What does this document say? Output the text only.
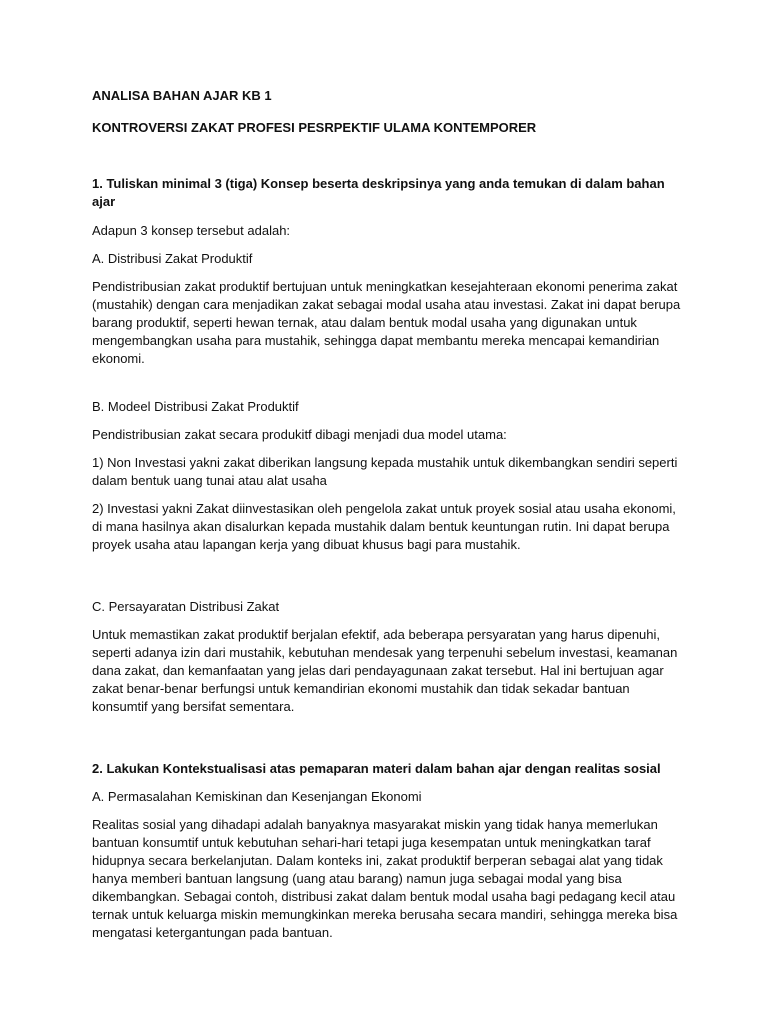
ANALISA BAHAN AJAR KB 1

KONTROVERSI ZAKAT PROFESI PESRPEKTIF ULAMA KONTEMPORER

1. Tuliskan minimal 3 (tiga) Konsep beserta deskripsinya yang anda temukan di dalam bahan ajar

Adapun 3 konsep tersebut adalah:

A. Distribusi Zakat Produktif

Pendistribusian zakat produktif bertujuan untuk meningkatkan kesejahteraan ekonomi penerima zakat (mustahik) dengan cara menjadikan zakat sebagai modal usaha atau investasi. Zakat ini dapat berupa barang produktif, seperti hewan ternak, atau dalam bentuk modal usaha yang digunakan untuk mengembangkan usaha para mustahik, sehingga dapat membantu mereka mencapai kemandirian ekonomi.

B. Modeel Distribusi Zakat Produktif

Pendistribusian zakat secara produkitf dibagi menjadi dua model utama:

1) Non Investasi yakni zakat diberikan langsung kepada mustahik untuk dikembangkan sendiri seperti dalam bentuk uang tunai atau alat usaha

2) Investasi yakni Zakat diinvestasikan oleh pengelola zakat untuk proyek sosial atau usaha ekonomi, di mana hasilnya akan disalurkan kepada mustahik dalam bentuk keuntungan rutin. Ini dapat berupa proyek usaha atau lapangan kerja yang dibuat khusus bagi para mustahik.

C. Persayaratan Distribusi Zakat

Untuk memastikan zakat produktif berjalan efektif, ada beberapa persyaratan yang harus dipenuhi, seperti adanya izin dari mustahik, kebutuhan mendesak yang terpenuhi sebelum investasi, keamanan dana zakat, dan kemanfaatan yang jelas dari pendayagunaan zakat tersebut. Hal ini bertujuan agar zakat benar-benar berfungsi untuk kemandirian ekonomi mustahik dan tidak sekadar bantuan konsumtif yang bersifat sementara.

2. Lakukan Kontekstualisasi atas pemaparan materi dalam bahan ajar dengan realitas sosial

A. Permasalahan Kemiskinan dan Kesenjangan Ekonomi

Realitas sosial yang dihadapi adalah banyaknya masyarakat miskin yang tidak hanya memerlukan bantuan konsumtif untuk kebutuhan sehari-hari tetapi juga kesempatan untuk meningkatkan taraf hidupnya secara berkelanjutan. Dalam konteks ini, zakat produktif berperan sebagai alat yang tidak hanya memberi bantuan langsung (uang atau barang) namun juga sebagai modal yang bisa dikembangkan. Sebagai contoh, distribusi zakat dalam bentuk modal usaha bagi pedagang kecil atau ternak untuk keluarga miskin memungkinkan mereka berusaha secara mandiri, sehingga mereka bisa mengatasi ketergantungan pada bantuan.
